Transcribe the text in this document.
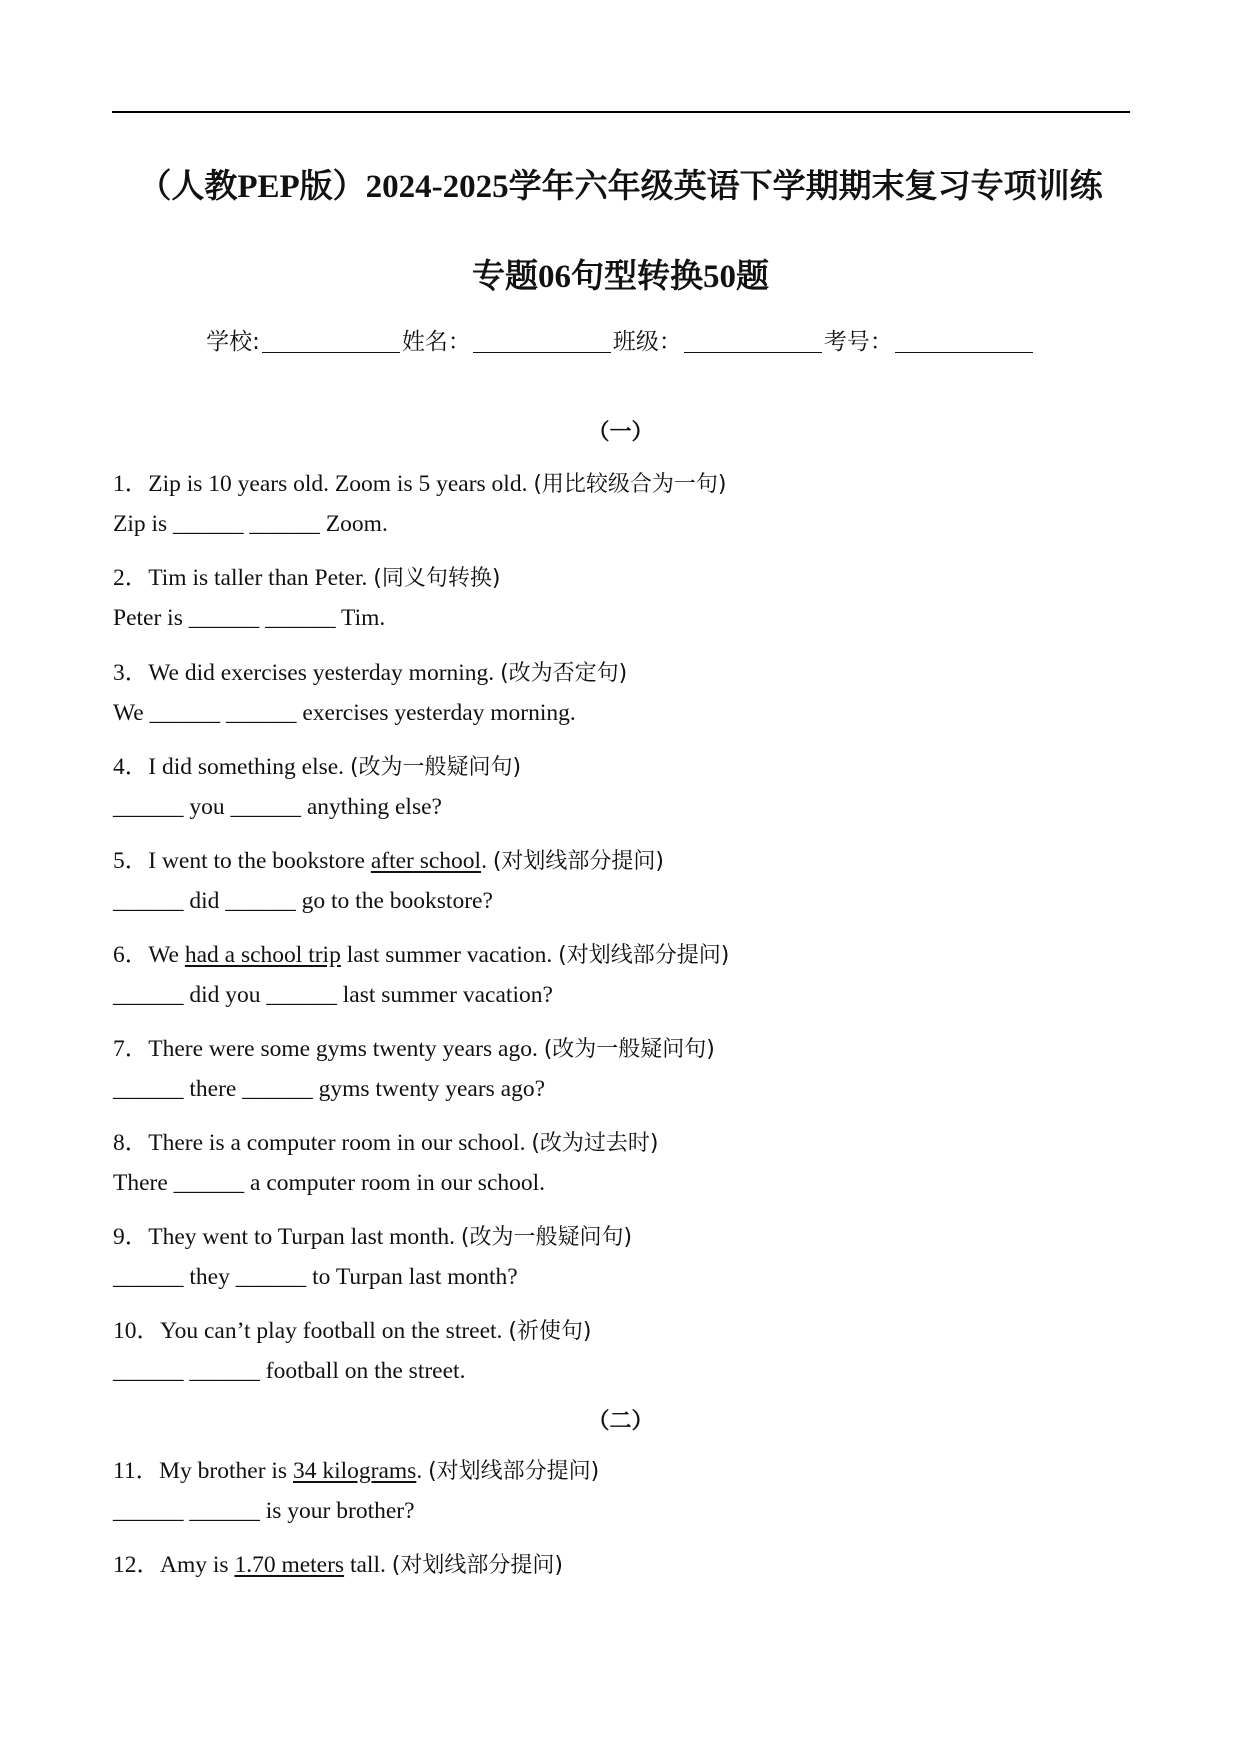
（人教PEP版）2024-2025学年六年级英语下学期期末复习专项训练
专题06句型转换50题
学校:	姓名：	班级：	考号：
（一）
1．Zip is 10 years old. Zoom is 5 years old. (用比较级合为一句)
Zip is ______ ______ Zoom.
2．Tim is taller than Peter. (同义句转换)
Peter is ______ ______ Tim.
3．We did exercises yesterday morning. (改为否定句)
We ______ ______ exercises yesterday morning.
4．I did something else. (改为一般疑问句)
______ you ______ anything else?
5．I went to the bookstore after school. (对划线部分提问)
______ did ______ go to the bookstore?
6．We had a school trip last summer vacation. (对划线部分提问)
______ did you ______ last summer vacation?
7．There were some gyms twenty years ago. (改为一般疑问句)
______ there ______ gyms twenty years ago?
8．There is a computer room in our school. (改为过去时)
There ______ a computer room in our school.
9．They went to Turpan last month. (改为一般疑问句)
______ they ______ to Turpan last month?
10．You can’t play football on the street. (祈使句)
______ ______ football on the street.
（二）
11．My brother is 34 kilograms. (对划线部分提问)
______ ______ is your brother?
12．Amy is 1.70 meters tall. (对划线部分提问)
